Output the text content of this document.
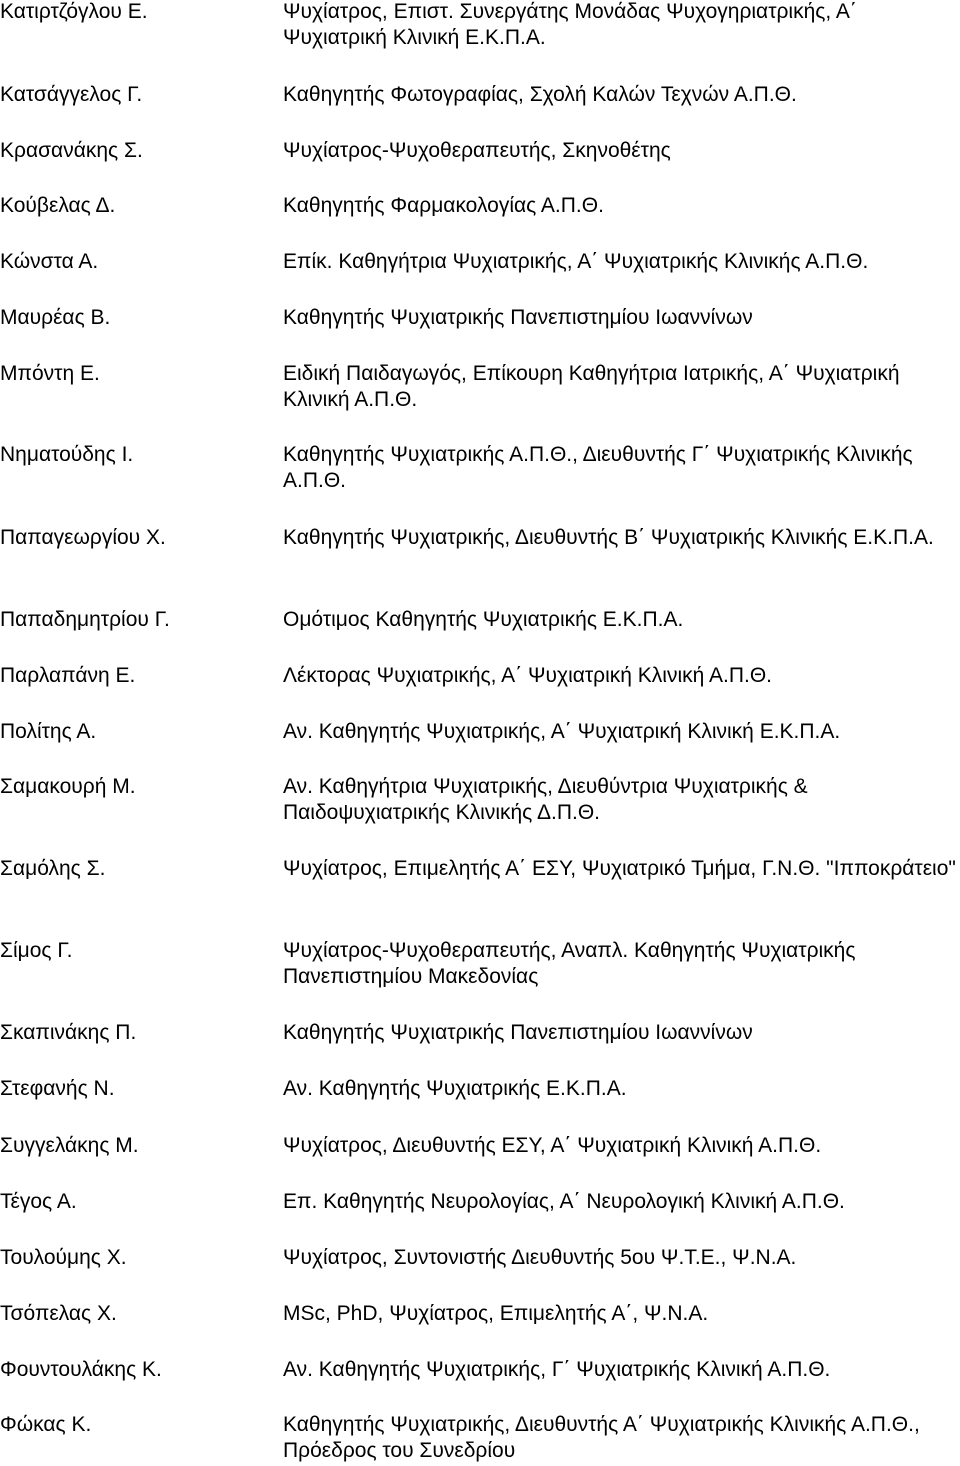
Κατιρτζόγλου Ε.	Ψυχίατρος, Επιστ. Συνεργάτης Μονάδας Ψυχογηριατρικής, Α΄ Ψυχιατρική Κλινική Ε.Κ.Π.Α.
Κατσάγγελος Γ.	Καθηγητής Φωτογραφίας, Σχολή Καλών Τεχνών Α.Π.Θ.
Κρασανάκης Σ.	Ψυχίατρος-Ψυχοθεραπευτής, Σκηνοθέτης
Κούβελας Δ.	Καθηγητής Φαρμακολογίας Α.Π.Θ.
Κώνστα Α.	Επίκ. Καθηγήτρια Ψυχιατρικής, Α΄ Ψυχιατρικής Κλινικής Α.Π.Θ.
Μαυρέας Β.	Καθηγητής Ψυχιατρικής Πανεπιστημίου Ιωαννίνων
Μπόντη Ε.	Ειδική Παιδαγωγός, Επίκουρη Καθηγήτρια Ιατρικής, Α΄ Ψυχιατρική Κλινική Α.Π.Θ.
Νηματούδης Ι.	Καθηγητής Ψυχιατρικής Α.Π.Θ., Διευθυντής Γ΄ Ψυχιατρικής Κλινικής Α.Π.Θ.
Παπαγεωργίου Χ.	Καθηγητής Ψυχιατρικής, Διευθυντής Β΄ Ψυχιατρικής Κλινικής Ε.Κ.Π.Α.
Παπαδημητρίου Γ.	Ομότιμος Καθηγητής Ψυχιατρικής Ε.Κ.Π.Α.
Παρλαπάνη Ε.	Λέκτορας Ψυχιατρικής, Α΄ Ψυχιατρική Κλινική Α.Π.Θ.
Πολίτης Α.	Αν. Καθηγητής Ψυχιατρικής, Α΄ Ψυχιατρική Κλινική Ε.Κ.Π.Α.
Σαμακουρή Μ.	Αν. Καθηγήτρια Ψυχιατρικής, Διευθύντρια Ψυχιατρικής & Παιδοψυχιατρικής Κλινικής Δ.Π.Θ.
Σαμόλης Σ.	Ψυχίατρος, Επιμελητής Α΄ ΕΣΥ, Ψυχιατρικό Τμήμα, Γ.Ν.Θ. "Ιπποκράτειο"
Σίμος Γ.	Ψυχίατρος-Ψυχοθεραπευτής, Αναπλ. Καθηγητής Ψυχιατρικής Πανεπιστημίου Μακεδονίας
Σκαπινάκης Π.	Καθηγητής Ψυχιατρικής Πανεπιστημίου Ιωαννίνων
Στεφανής Ν.	Αν. Καθηγητής Ψυχιατρικής Ε.Κ.Π.Α.
Συγγελάκης Μ.	Ψυχίατρος, Διευθυντής ΕΣΥ, Α΄ Ψυχιατρική Κλινική Α.Π.Θ.
Τέγος Α.	Επ. Καθηγητής Νευρολογίας, Α΄ Νευρολογική Κλινική Α.Π.Θ.
Τουλούμης Χ.	Ψυχίατρος, Συντονιστής Διευθυντής 5ου Ψ.Τ.Ε., Ψ.Ν.Α.
Τσόπελας Χ.	MSc, PhD, Ψυχίατρος, Επιμελητής Α΄, Ψ.Ν.Α.
Φουντουλάκης Κ.	Αν. Καθηγητής Ψυχιατρικής, Γ΄ Ψυχιατρικής Κλινική Α.Π.Θ.
Φώκας Κ.	Καθηγητής Ψυχιατρικής, Διευθυντής Α΄ Ψυχιατρικής Κλινικής Α.Π.Θ., Πρόεδρος του Συνεδρίου
